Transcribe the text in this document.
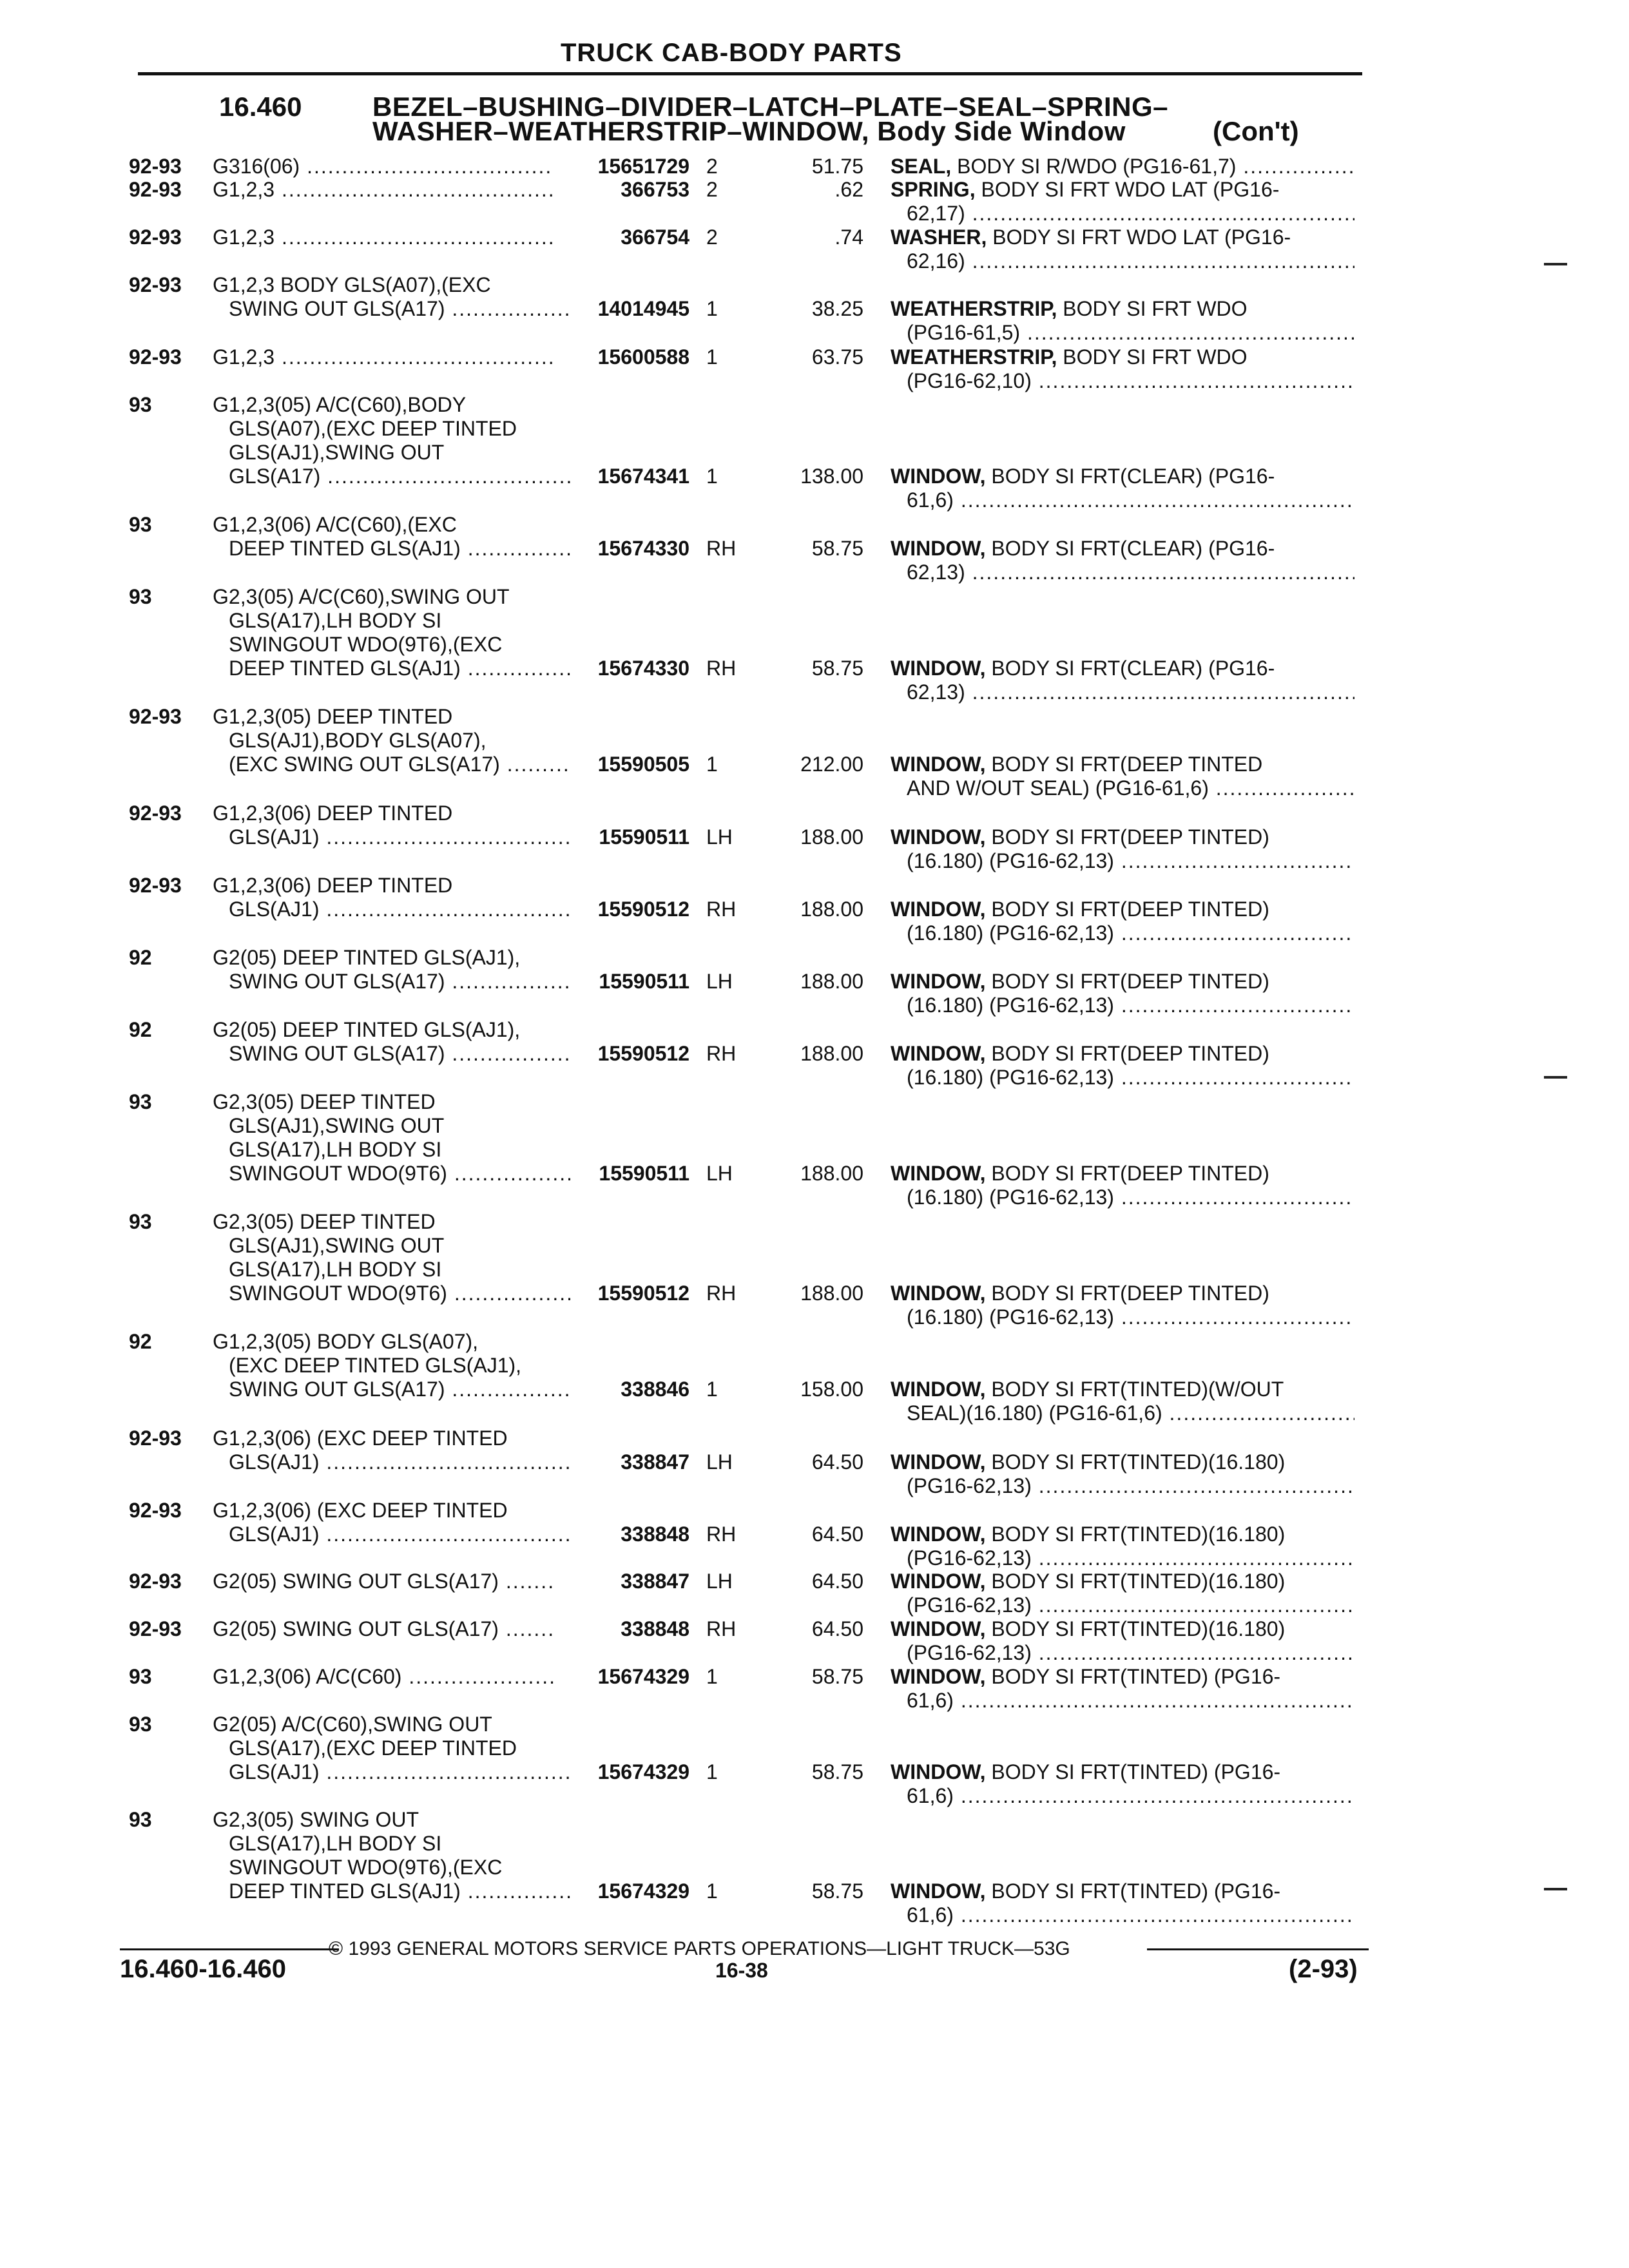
TRUCK CAB-BODY PARTS
16.460	BEZEL–BUSHING–DIVIDER–LATCH–PLATE–SEAL–SPRING–
WASHER–WEATHERSTRIP–WINDOW, Body Side Window	(Con't)
92-93 G316(06) .....	15651729 2	51.75 SEAL, BODY SI R/WDO (PG16-61,7) .....
92-93 G1,2,3 .....	366753 2	.62 SPRING, BODY SI FRT WDO LAT (PG16-
62,17) .....
92-93 G1,2,3 .....	366754 2	.74 WASHER, BODY SI FRT WDO LAT (PG16-
62,16) .....
92-93 G1,2,3 BODY GLS(A07),(EXC
SWING OUT GLS(A17) .....	14014945 1	38.25 WEATHERSTRIP, BODY SI FRT WDO
(PG16-61,5) .....
92-93 G1,2,3 .....	15600588 1	63.75 WEATHERSTRIP, BODY SI FRT WDO
(PG16-62,10) .....
93	G1,2,3(05) A/C(C60),BODY
GLS(A07),(EXC DEEP TINTED
GLS(AJ1),SWING OUT
GLS(A17) .....	15674341 1	138.00 WINDOW, BODY SI FRT(CLEAR) (PG16-
61,6) .....
93	G1,2,3(06) A/C(C60),(EXC
DEEP TINTED GLS(AJ1) .....	15674330 RH	58.75 WINDOW, BODY SI FRT(CLEAR) (PG16-
62,13) .....
93	G2,3(05) A/C(C60),SWING OUT
GLS(A17),LH BODY SI
SWINGOUT WDO(9T6),(EXC
DEEP TINTED GLS(AJ1) .....	15674330 RH	58.75 WINDOW, BODY SI FRT(CLEAR) (PG16-
62,13) .....
92-93 G1,2,3(05) DEEP TINTED
GLS(AJ1),BODY GLS(A07),
(EXC SWING OUT GLS(A17) .....	15590505 1	212.00 WINDOW, BODY SI FRT(DEEP TINTED
AND W/OUT SEAL) (PG16-61,6) .....
92-93 G1,2,3(06) DEEP TINTED
GLS(AJ1) .....	15590511 LH	188.00 WINDOW, BODY SI FRT(DEEP TINTED)
(16.180) (PG16-62,13) .....
92-93 G1,2,3(06) DEEP TINTED
GLS(AJ1) .....	15590512 RH	188.00 WINDOW, BODY SI FRT(DEEP TINTED)
(16.180) (PG16-62,13) .....
92	G2(05) DEEP TINTED GLS(AJ1),
SWING OUT GLS(A17) .....	15590511 LH	188.00 WINDOW, BODY SI FRT(DEEP TINTED)
(16.180) (PG16-62,13) .....
92	G2(05) DEEP TINTED GLS(AJ1),
SWING OUT GLS(A17) .....	15590512 RH	188.00 WINDOW, BODY SI FRT(DEEP TINTED)
(16.180) (PG16-62,13) .....
93	G2,3(05) DEEP TINTED
GLS(AJ1),SWING OUT
GLS(A17),LH BODY SI
SWINGOUT WDO(9T6) .....	15590511 LH	188.00 WINDOW, BODY SI FRT(DEEP TINTED)
(16.180) (PG16-62,13) .....
93	G2,3(05) DEEP TINTED
GLS(AJ1),SWING OUT
GLS(A17),LH BODY SI
SWINGOUT WDO(9T6) .....	15590512 RH	188.00 WINDOW, BODY SI FRT(DEEP TINTED)
(16.180) (PG16-62,13) .....
92	G1,2,3(05) BODY GLS(A07),
(EXC DEEP TINTED GLS(AJ1),
SWING OUT GLS(A17) .....	338846 1	158.00 WINDOW, BODY SI FRT(TINTED)(W/OUT
SEAL)(16.180) (PG16-61,6) .....
92-93 G1,2,3(06) (EXC DEEP TINTED
GLS(AJ1) .....	338847 LH	64.50 WINDOW, BODY SI FRT(TINTED)(16.180)
(PG16-62,13) .....
92-93 G1,2,3(06) (EXC DEEP TINTED
GLS(AJ1) .....	338848 RH	64.50 WINDOW, BODY SI FRT(TINTED)(16.180)
(PG16-62,13) .....
92-93 G2(05) SWING OUT GLS(A17) .....	338847 LH	64.50 WINDOW, BODY SI FRT(TINTED)(16.180)
(PG16-62,13) .....
92-93 G2(05) SWING OUT GLS(A17) .....	338848 RH	64.50 WINDOW, BODY SI FRT(TINTED)(16.180)
(PG16-62,13) .....
93	G1,2,3(06) A/C(C60) .....	15674329 1	58.75 WINDOW, BODY SI FRT(TINTED) (PG16-
61,6) .....
93	G2(05) A/C(C60),SWING OUT
GLS(A17),(EXC DEEP TINTED
GLS(AJ1) .....	15674329 1	58.75 WINDOW, BODY SI FRT(TINTED) (PG16-
61,6) .....
93	G2,3(05) SWING OUT
GLS(A17),LH BODY SI
SWINGOUT WDO(9T6),(EXC
DEEP TINTED GLS(AJ1) .....	15674329 1	58.75 WINDOW, BODY SI FRT(TINTED) (PG16-
61,6) .....
© 1993 GENERAL MOTORS SERVICE PARTS OPERATIONS—LIGHT TRUCK—53G
16.460-16.460	16-38	(2-93)
